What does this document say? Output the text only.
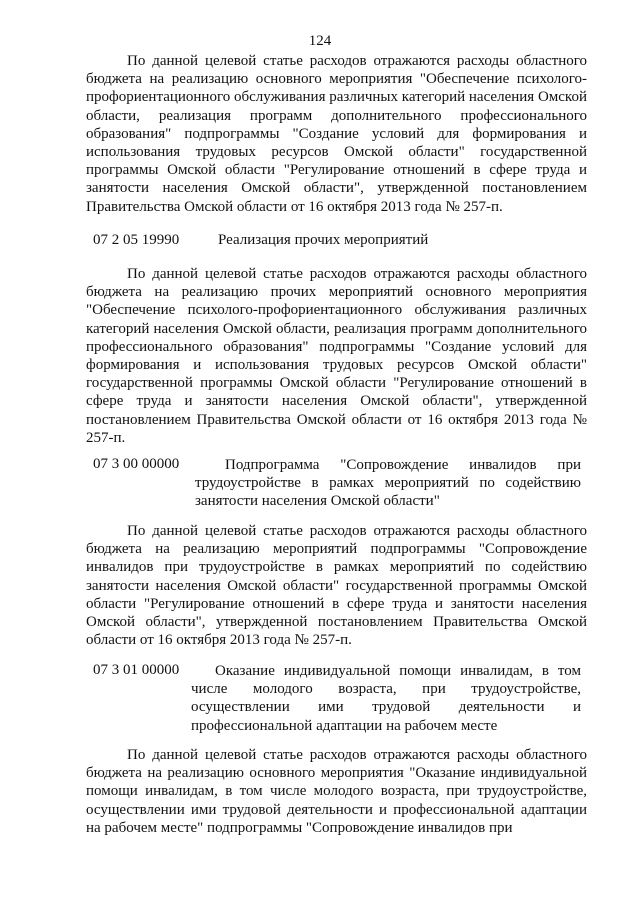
124

По данной целевой статье расходов отражаются расходы областного бюджета на реализацию основного мероприятия "Обеспечение психолого-профориентационного обслуживания различных категорий населения Омской области, реализация программ дополнительного профессионального образования" подпрограммы "Создание условий для формирования и использования трудовых ресурсов Омской области" государственной программы Омской области "Регулирование отношений в сфере труда и занятости населения Омской области", утвержденной постановлением Правительства Омской области от 16 октября 2013 года № 257-п.

07 2 05 19990	Реализация прочих мероприятий

По данной целевой статье расходов отражаются расходы областного бюджета на реализацию прочих мероприятий основного мероприятия "Обеспечение психолого-профориентационного обслуживания различных категорий населения Омской области, реализация программ дополнительного профессионального образования" подпрограммы "Создание условий для формирования и использования трудовых ресурсов Омской области" государственной программы Омской области "Регулирование отношений в сфере труда и занятости населения Омской области", утвержденной постановлением Правительства Омской области от 16 октября 2013 года № 257-п.

07 3 00 00000	Подпрограмма "Сопровождение инвалидов при трудоустройстве в рамках мероприятий по содействию занятости населения Омской области"

По данной целевой статье расходов отражаются расходы областного бюджета на реализацию мероприятий подпрограммы "Сопровождение инвалидов при трудоустройстве в рамках мероприятий по содействию занятости населения Омской области" государственной программы Омской области "Регулирование отношений в сфере труда и занятости населения Омской области", утвержденной постановлением Правительства Омской области от 16 октября 2013 года № 257-п.

07 3 01 00000	Оказание индивидуальной помощи инвалидам, в том числе молодого возраста, при трудоустройстве, осуществлении ими трудовой деятельности и профессиональной адаптации на рабочем месте

По данной целевой статье расходов отражаются расходы областного бюджета на реализацию основного мероприятия "Оказание индивидуальной помощи инвалидам, в том числе молодого возраста, при трудоустройстве, осуществлении ими трудовой деятельности и профессиональной адаптации на рабочем месте" подпрограммы "Сопровождение инвалидов при
